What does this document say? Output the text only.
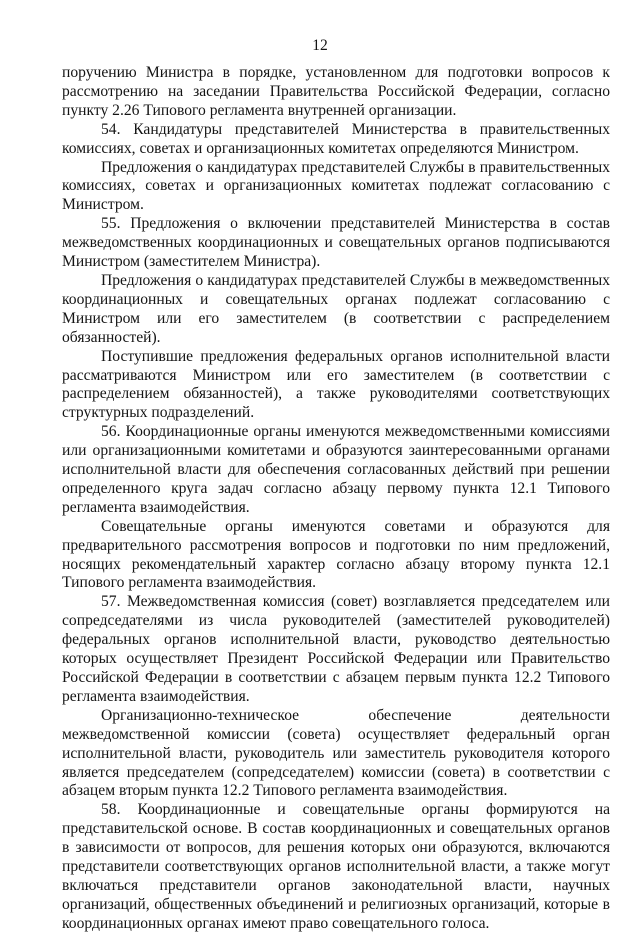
12

поручению Министра в порядке, установленном для подготовки вопросов к рассмотрению на заседании Правительства Российской Федерации, согласно пункту 2.26 Типового регламента внутренней организации.

54. Кандидатуры представителей Министерства в правительственных комиссиях, советах и организационных комитетах определяются Министром.

Предложения о кандидатурах представителей Службы в правительственных комиссиях, советах и организационных комитетах подлежат согласованию с Министром.

55. Предложения о включении представителей Министерства в состав межведомственных координационных и совещательных органов подписываются Министром (заместителем Министра).

Предложения о кандидатурах представителей Службы в межведомственных координационных и совещательных органах подлежат согласованию с Министром или его заместителем (в соответствии с распределением обязанностей).

Поступившие предложения федеральных органов исполнительной власти рассматриваются Министром или его заместителем (в соответствии с распределением обязанностей), а также руководителями соответствующих структурных подразделений.

56. Координационные органы именуются межведомственными комиссиями или организационными комитетами и образуются заинтересованными органами исполнительной власти для обеспечения согласованных действий при решении определенного круга задач согласно абзацу первому пункта 12.1 Типового регламента взаимодействия.

Совещательные органы именуются советами и образуются для предварительного рассмотрения вопросов и подготовки по ним предложений, носящих рекомендательный характер согласно абзацу второму пункта 12.1 Типового регламента взаимодействия.

57. Межведомственная комиссия (совет) возглавляется председателем или сопредседателями из числа руководителей (заместителей руководителей) федеральных органов исполнительной власти, руководство деятельностью которых осуществляет Президент Российской Федерации или Правительство Российской Федерации в соответствии с абзацем первым пункта 12.2 Типового регламента взаимодействия.

Организационно-техническое обеспечение деятельности межведомственной комиссии (совета) осуществляет федеральный орган исполнительной власти, руководитель или заместитель руководителя которого является председателем (сопредседателем) комиссии (совета) в соответствии с абзацем вторым пункта 12.2 Типового регламента взаимодействия.

58. Координационные и совещательные органы формируются на представительской основе. В состав координационных и совещательных органов в зависимости от вопросов, для решения которых они образуются, включаются представители соответствующих органов исполнительной власти, а также могут включаться представители органов законодательной власти, научных организаций, общественных объединений и религиозных организаций, которые в координационных органах имеют право совещательного голоса.
